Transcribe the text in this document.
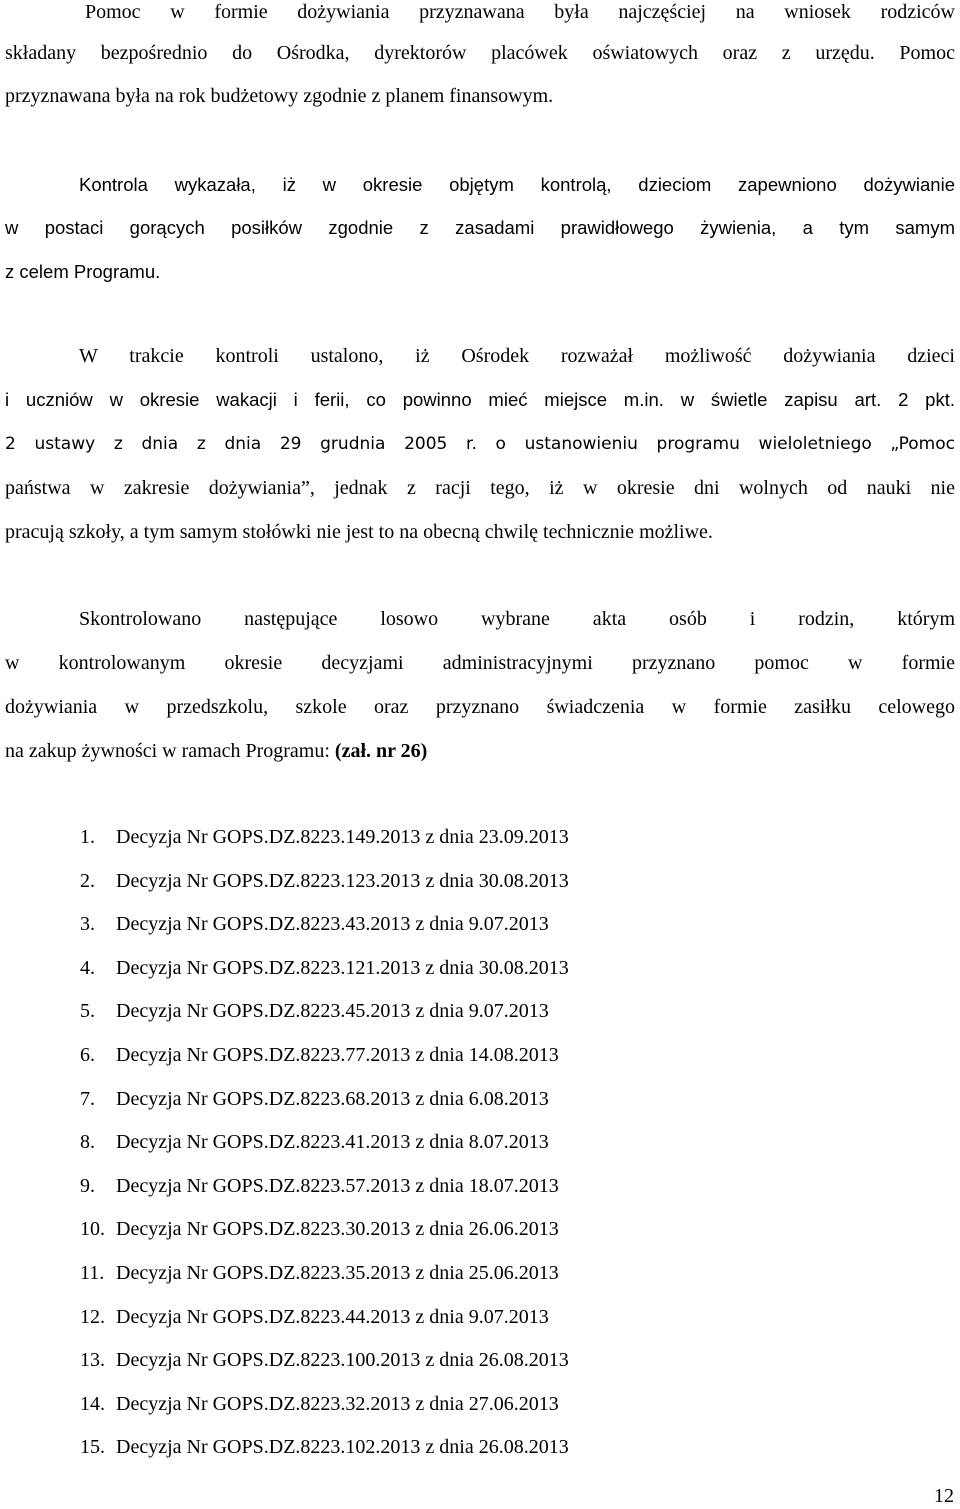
Pomoc w formie dożywiania przyznawana była najczęściej na wniosek rodziców
składany bezpośrednio do Ośrodka, dyrektorów placówek oświatowych oraz z urzędu. Pomoc
przyznawana była na rok budżetowy zgodnie z planem finansowym.
Kontrola wykazała, iż w okresie objętym kontrolą, dzieciom zapewniono dożywianie
w postaci gorących posiłków zgodnie z zasadami prawidłowego żywienia, a tym samym
z celem Programu.
W trakcie kontroli ustalono, iż Ośrodek rozważał możliwość dożywiania dzieci
i uczniów w okresie wakacji i ferii, co powinno mieć miejsce m.in. w świetle zapisu art. 2 pkt.
2 ustawy z dnia z dnia 29 grudnia 2005 r. o ustanowieniu programu wieloletniego „Pomoc
państwa w zakresie dożywiania”, jednak z racji tego, iż w okresie dni wolnych od nauki nie
pracują szkoły, a tym samym stołówki nie jest to na obecną chwilę technicznie możliwe.
Skontrolowano następujące losowo wybrane akta osób i rodzin, którym
w kontrolowanym okresie decyzjami administracyjnymi przyznano pomoc w formie
dożywiania w przedszkolu, szkole oraz przyznano świadczenia w formie zasiłku celowego
na zakup żywności w ramach Programu: (zał. nr 26)
1. Decyzja Nr GOPS.DZ.8223.149.2013 z dnia 23.09.2013
2. Decyzja Nr GOPS.DZ.8223.123.2013 z dnia 30.08.2013
3. Decyzja Nr GOPS.DZ.8223.43.2013 z dnia 9.07.2013
4. Decyzja Nr GOPS.DZ.8223.121.2013 z dnia 30.08.2013
5. Decyzja Nr GOPS.DZ.8223.45.2013 z dnia 9.07.2013
6. Decyzja Nr GOPS.DZ.8223.77.2013 z dnia 14.08.2013
7. Decyzja Nr GOPS.DZ.8223.68.2013 z dnia 6.08.2013
8. Decyzja Nr GOPS.DZ.8223.41.2013 z dnia 8.07.2013
9. Decyzja Nr GOPS.DZ.8223.57.2013 z dnia 18.07.2013
10. Decyzja Nr GOPS.DZ.8223.30.2013 z dnia 26.06.2013
11. Decyzja Nr GOPS.DZ.8223.35.2013 z dnia 25.06.2013
12. Decyzja Nr GOPS.DZ.8223.44.2013 z dnia 9.07.2013
13. Decyzja Nr GOPS.DZ.8223.100.2013 z dnia 26.08.2013
14. Decyzja Nr GOPS.DZ.8223.32.2013 z dnia 27.06.2013
15. Decyzja Nr GOPS.DZ.8223.102.2013 z dnia 26.08.2013
12
